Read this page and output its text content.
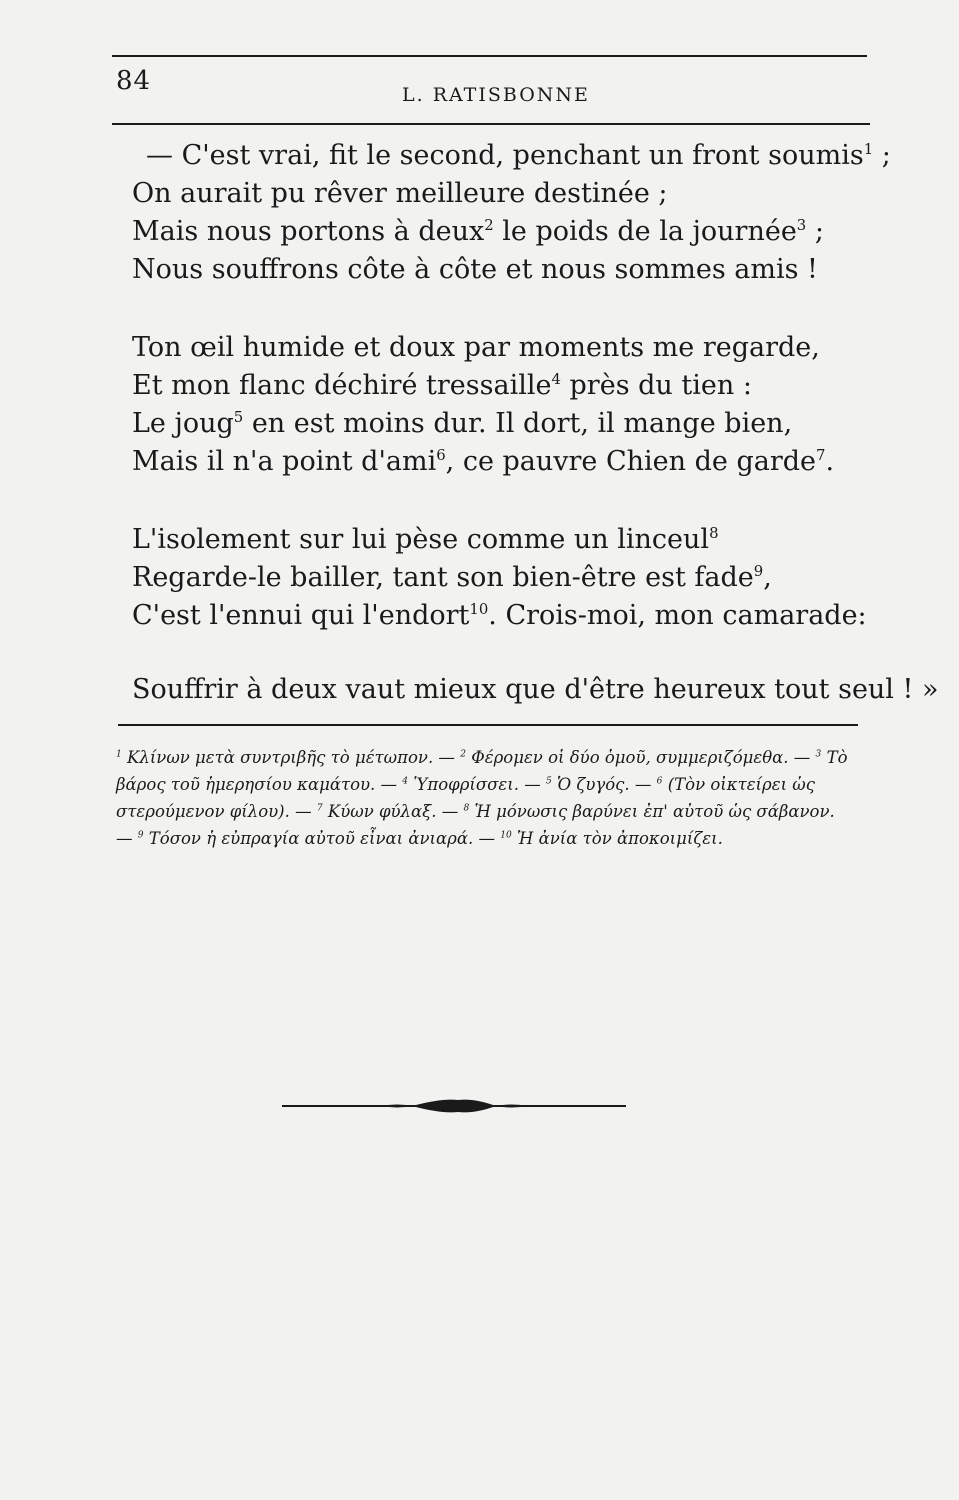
84	L. RATISBONNE
— C'est vrai, fit le second, penchant un front soumis$^1$ ;
On aurait pu rêver meilleure destinée ;
Mais nous portons à deux$^2$ le poids de la journée$^3$ ;
Nous souffrons côte à côte et nous sommes amis !
Ton œil humide et doux par moments me regarde,
Et mon flanc déchiré tressaille$^4$ près du tien :
Le joug$^5$ en est moins dur. Il dort, il mange bien,
Mais il n'a point d'ami$^6$, ce pauvre Chien de garde$^7$.
L'isolement sur lui pèse comme un linceul$^8$
Regarde-le bailler, tant son bien-être est fade$^9$,
C'est l'ennui qui l'endort$^{10}$. Crois-moi, mon camarade:
Souffrir à deux vaut mieux que d'être heureux tout seul ! »
$^1$ Κλίνων μετὰ συντριβῆς τὸ μέτωπον. — $^2$ Φέρομεν οἱ δύο ὁμοῦ, συμμεριζόμεθα. — $^3$ Τὸ βάρος τοῦ ἡμερησίου καμάτου. — $^4$ Ὑποφρίσσει. — $^5$ Ὁ ζυγός. — $^6$ (Τὸν οἰκτείρει ὡς στερούμενον φίλου). — $^7$ Κύων φύλαξ. — $^8$ Ἡ μόνωσις βαρύνει ἐπ' αὐτοῦ ὡς σάβανον. — $^9$ Τόσον ἡ εὐπραγία αὐτοῦ εἶναι ἀνιαρά. — $^{10}$ Ἡ ἀνία τὸν ἀποκοιμίζει.
